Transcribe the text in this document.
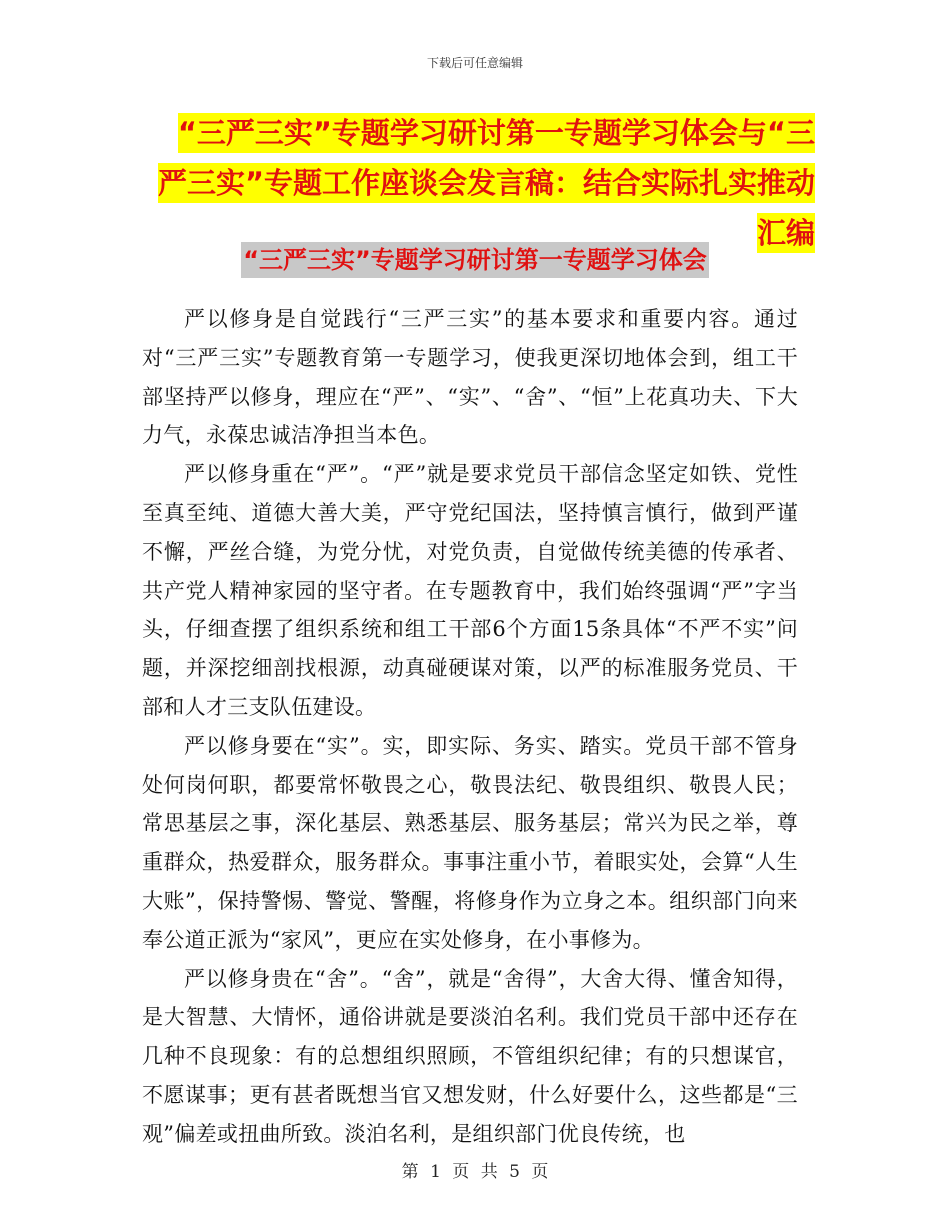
下载后可任意编辑
“三严三实”专题学习研讨第一专题学习体会与“三
严三实”专题工作座谈会发言稿：结合实际扎实推动汇编
“三严三实”专题学习研讨第一专题学习体会

严以修身是自觉践行“三严三实”的基本要求和重要内容。通过对“三严三实”专题教育第一专题学习，使我更深切地体会到，组工干部坚持严以修身，理应在“严”、“实”、“舍”、“恒”上花真功夫、下大力气，永葆忠诚洁净担当本色。

严以修身重在“严”。“严”就是要求党员干部信念坚定如铁、党性至真至纯、道德大善大美，严守党纪国法，坚持慎言慎行，做到严谨不懈，严丝合缝，为党分忧，对党负责，自觉做传统美德的传承者、共产党人精神家园的坚守者。在专题教育中，我们始终强调“严”字当头，仔细查摆了组织系统和组工干部6个方面15条具体“不严不实”问题，并深挖细剖找根源，动真碰硬谋对策，以严的标准服务党员、干部和人才三支队伍建设。

严以修身要在“实”。实，即实际、务实、踏实。党员干部不管身处何岗何职，都要常怀敬畏之心，敬畏法纪、敬畏组织、敬畏人民；常思基层之事，深化基层、熟悉基层、服务基层；常兴为民之举，尊重群众，热爱群众，服务群众。事事注重小节，着眼实处，会算“人生大账”，保持警惕、警觉、警醒，将修身作为立身之本。组织部门向来奉公道正派为“家风”，更应在实处修身，在小事修为。

严以修身贵在“舍”。“舍”，就是“舍得”，大舍大得、懂舍知得，是大智慧、大情怀，通俗讲就是要淡泊名利。我们党员干部中还存在几种不良现象：有的总想组织照顾，不管组织纪律；有的只想谋官，不愿谋事；更有甚者既想当官又想发财，什么好要什么，这些都是“三观”偏差或扭曲所致。淡泊名利，是组织部门优良传统，也

第 1 页 共 5 页
